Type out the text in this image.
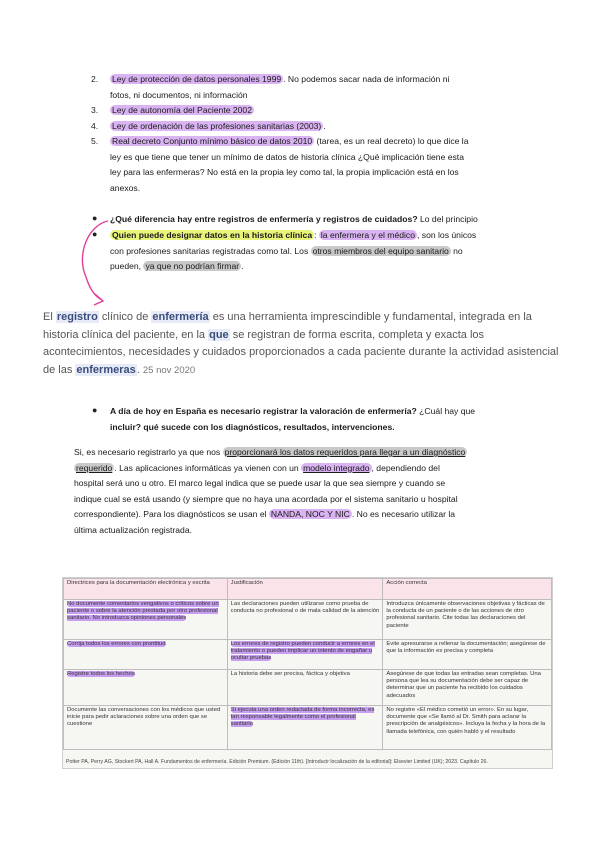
2. Ley de protección de datos personales 1999 . No podemos sacar nada de información ni
fotos, ni documentos, ni información
3. Ley de autonomía del Paciente 2002
4. Ley de ordenación de las profesiones sanitarias (2003) .
5. Real decreto Conjunto mínimo básico de datos 2010 (tarea, es un real decreto) lo que dice la
ley es que tiene que tener un mínimo de datos de historia clínica ¿Qué implicación tiene esta
ley para las enfermeras? No está en la propia ley como tal, la propia implicación está en los
anexos.
● ¿Qué diferencia hay entre registros de enfermería y registros de cuidados? Lo del principio
● Quien puede designar datos en la historia clínica : la enfermera y el médico , son los únicos
con profesiones sanitarias registradas como tal. Los otros miembros del equipo sanitario no
pueden, ya que no podrían firmar .
El registro clínico de enfermería es una herramienta imprescindible y fundamental, integrada en la historia clínica del paciente, en la que se registran de forma escrita, completa y exacta los acontecimientos, necesidades y cuidados proporcionados a cada paciente durante la actividad asistencial de las enfermeras. 25 nov 2020
● A día de hoy en España es necesario registrar la valoración de enfermería? ¿Cuál hay que
incluir? qué sucede con los diagnósticos, resultados, intervenciones.
Si, es necesario registrarlo ya que nos proporcionará los datos requeridos para llegar a un diagnóstico
requerido . Las aplicaciones informáticas ya vienen con un modelo integrado , dependiendo del
hospital será uno u otro. El marco legal indica que se puede usar la que sea siempre y cuando se
indique cual se está usando (y siempre que no haya una acordada por el sistema sanitario u hospital
correspondiente). Para los diagnósticos se usan el NANDA, NOC Y NIC . No es necesario utilizar la
última actualización registrada.
Directrices para la documentación electrónica y escrita	Justificación	Acción correcta
No documente comentarios vengativos o críticos sobre un paciente o sobre la atención prestada por otro profesional sanitario. No introduzca opiniones personales	Las declaraciones pueden utilizarse como prueba de conducta no profesional o de mala calidad de la atención	Introduzca únicamente observaciones objetivas y fácticas de la conducta de un paciente o de las acciones de otro profesional sanitario. Cite todas las declaraciones del paciente
Corrija todos los errores con prontitud	Los errores de registro pueden conducir a errores en el tratamiento o pueden implicar un intento de engañar u ocultar pruebas	Evite apresurarse a rellenar la documentación; asegúrese de que la información es precisa y completa
Registre todos los hechos	La historia debe ser precisa, fáctica y objetiva	Asegúrese de que todas las entradas sean completas. Una persona que lea su documentación debe ser capaz de determinar que un paciente ha recibido los cuidados adecuados
Documente las conversaciones con los médicos que usted inicie para pedir aclaraciones sobre una orden que se cuestione	Si ejecuta una orden redactada de forma incorrecta, es tan responsable legalmente como el profesional sanitario	No registre «El médico cometió un error». En su lugar, documente que «Se llamó al Dr. Smith para aclarar la prescripción de analgésicos». Incluya la fecha y la hora de la llamada telefónica, con quién habló y el resultado
Potter PA, Perry AG, Stockert PA, Hall A. Fundamentos de enfermería. Edición Premium. (Edición 11th). [Introducir localización de la editorial]: Elsevier Limited (UK); 2023. Capítulo 26.
